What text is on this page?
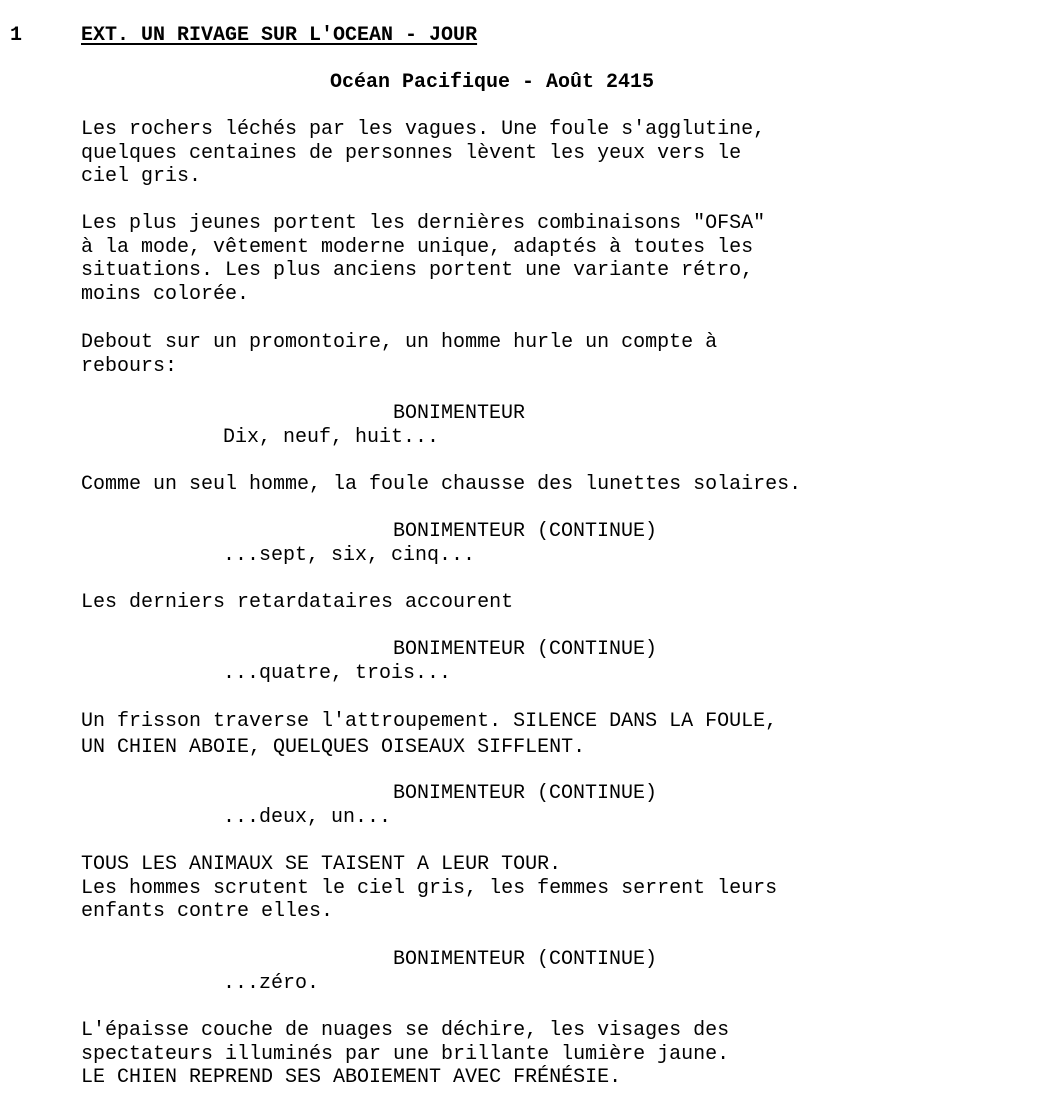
1	EXT. UN RIVAGE SUR L'OCEAN - JOUR
Océan Pacifique - Août 2415
Les rochers léchés par les vagues. Une foule s'agglutine,
quelques centaines de personnes lèvent les yeux vers le
ciel gris.
Les plus jeunes portent les dernières combinaisons "OFSA"
à la mode, vêtement moderne unique, adaptés à toutes les
situations. Les plus anciens portent une variante rétro,
moins colorée.
Debout sur un promontoire, un homme hurle un compte à
rebours:
BONIMENTEUR
Dix, neuf, huit...
Comme un seul homme, la foule chausse des lunettes solaires.
BONIMENTEUR (CONTINUE)
...sept, six, cinq...
Les derniers retardataires accourent
BONIMENTEUR (CONTINUE)
...quatre, trois...
Un frisson traverse l'attroupement. SILENCE DANS LA FOULE,
UN CHIEN ABOIE, QUELQUES OISEAUX SIFFLENT.
BONIMENTEUR (CONTINUE)
...deux, un...
TOUS LES ANIMAUX SE TAISENT A LEUR TOUR.
Les hommes scrutent le ciel gris, les femmes serrent leurs
enfants contre elles.
BONIMENTEUR (CONTINUE)
...zéro.
L'épaisse couche de nuages se déchire, les visages des
spectateurs illuminés par une brillante lumière jaune.
LE CHIEN REPREND SES ABOIEMENT AVEC FRÉNÉSIE.
